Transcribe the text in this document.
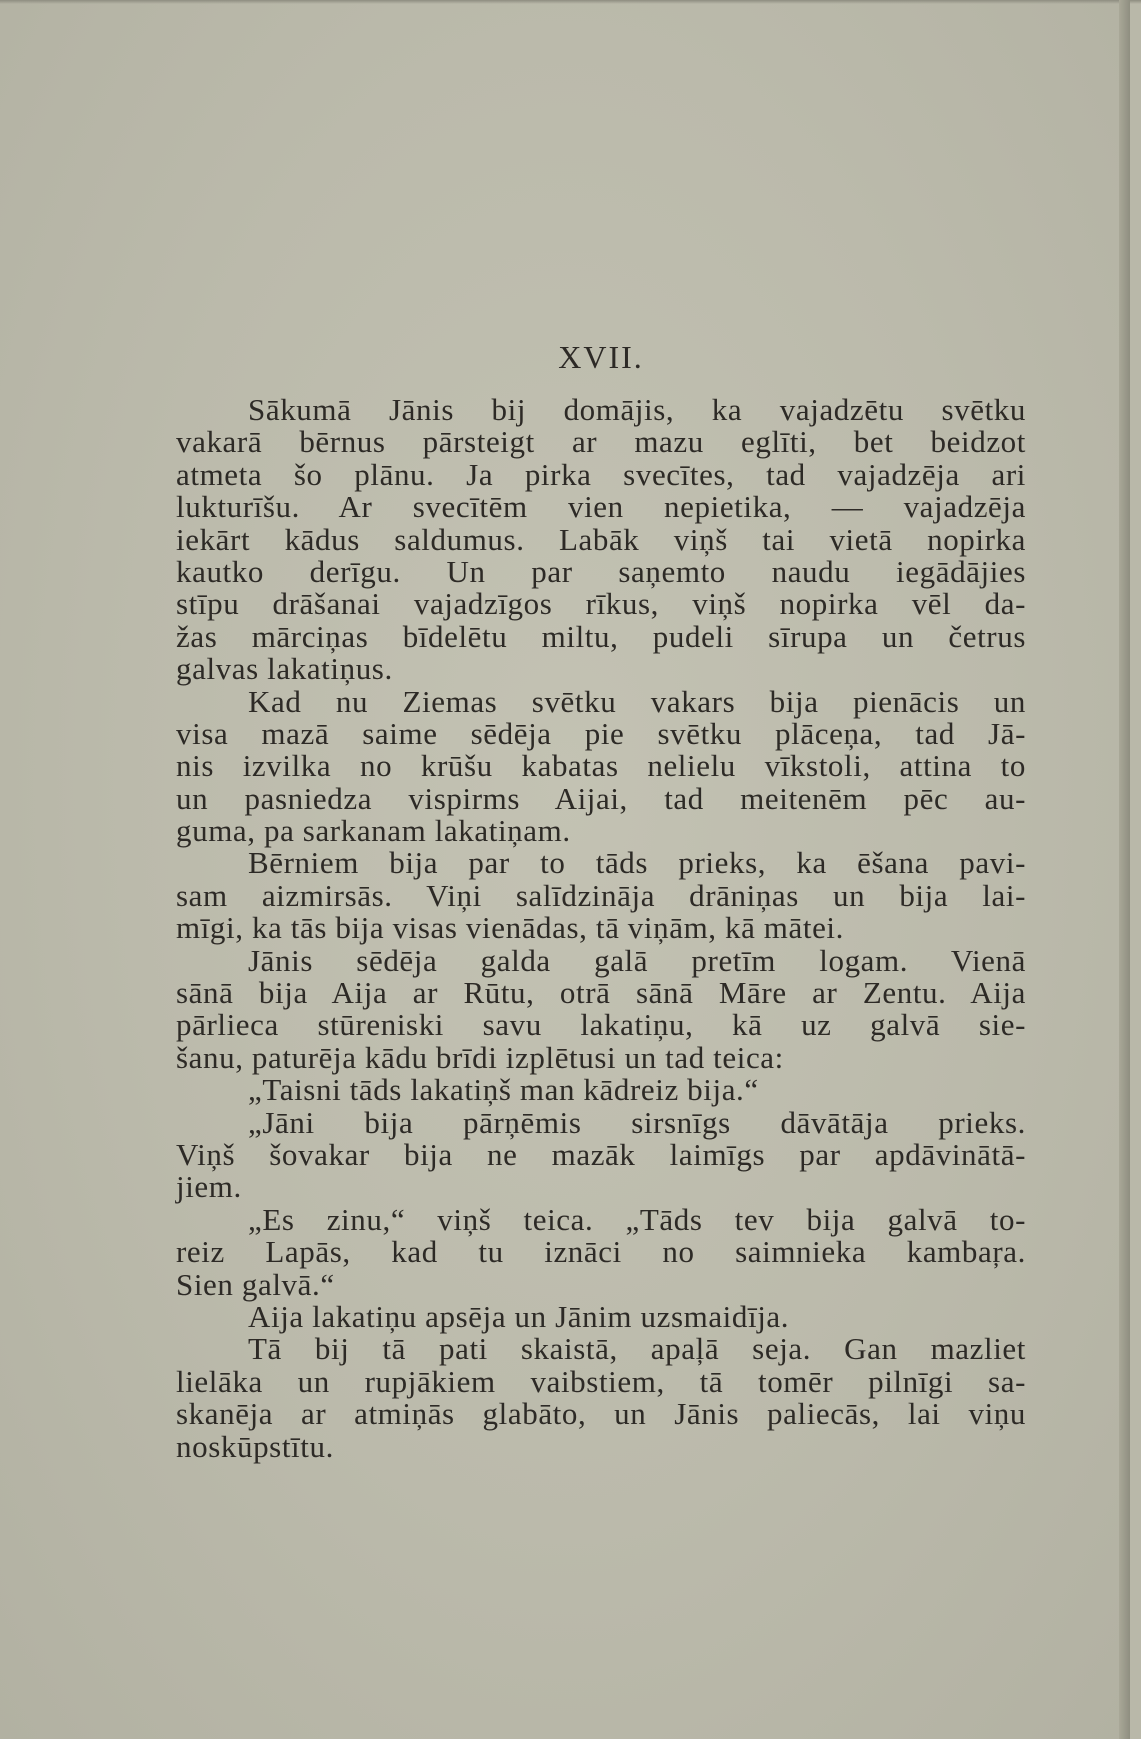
XVII.
Sākumā Jānis bij domājis, ka vajadzētu svētku
vakarā bērnus pārsteigt ar mazu eglīti, bet beidzot
atmeta šo plānu. Ja pirka svecītes, tad vajadzēja ari
lukturīšu. Ar svecītēm vien nepietika, — vajadzēja
iekārt kādus saldumus. Labāk viņš tai vietā nopirka
kautko derīgu. Un par saņemto naudu iegādājies
stīpu drāšanai vajadzīgos rīkus, viņš nopirka vēl da-
žas mārciņas bīdelētu miltu, pudeli sīrupa un četrus
galvas lakatiņus.
Kad nu Ziemas svētku vakars bija pienācis un
visa mazā saime sēdēja pie svētku plāceņa, tad Jā-
nis izvilka no krūšu kabatas nelielu vīkstoli, attina to
un pasniedza vispirms Aijai, tad meitenēm pēc au-
guma, pa sarkanam lakatiņam.
Bērniem bija par to tāds prieks, ka ēšana pavi-
sam aizmirsās. Viņi salīdzināja drāniņas un bija lai-
mīgi, ka tās bija visas vienādas, tā viņām, kā mātei.
Jānis sēdēja galda galā pretīm logam. Vienā
sānā bija Aija ar Rūtu, otrā sānā Māre ar Zentu. Aija
pārlieca stūreniski savu lakatiņu, kā uz galvā sie-
šanu, paturēja kādu brīdi izplētusi un tad teica:
„Taisni tāds lakatiņš man kādreiz bija.“
„Jāni bija pārņēmis sirsnīgs dāvātāja prieks.
Viņš šovakar bija ne mazāk laimīgs par apdāvinātā-
jiem.
„Es zinu,“ viņš teica. „Tāds tev bija galvā to-
reiz Lapās, kad tu iznāci no saimnieka kambaŗa.
Sien galvā.“
Aija lakatiņu apsēja un Jānim uzsmaidīja.
Tā bij tā pati skaistā, apaļā seja. Gan mazliet
lielāka un rupjākiem vaibstiem, tā tomēr pilnīgi sa-
skanēja ar atmiņās glabāto, un Jānis paliecās, lai viņu
noskūpstītu.
